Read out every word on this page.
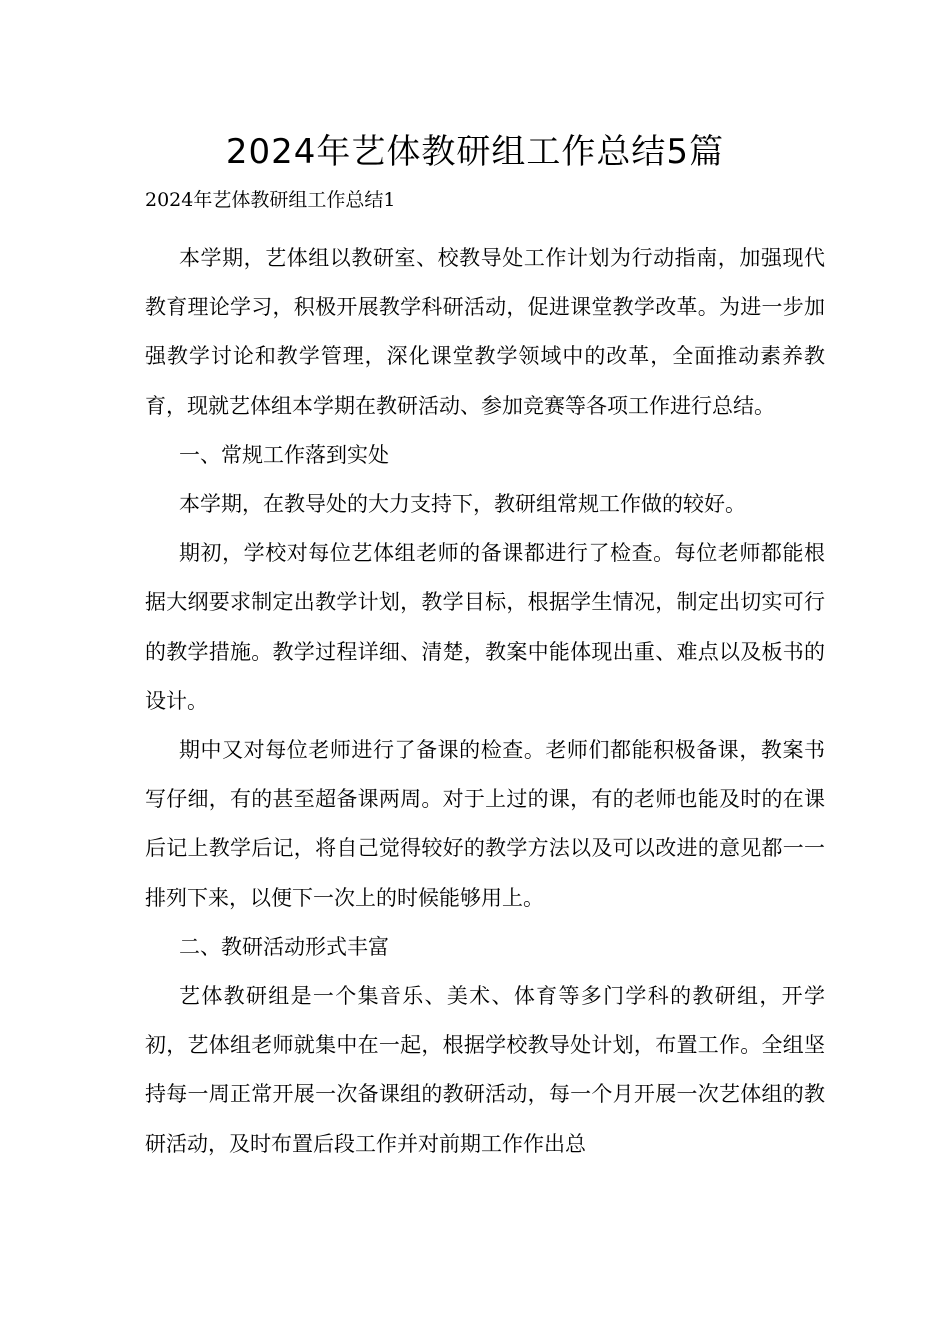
2024年艺体教研组工作总结5篇

2024年艺体教研组工作总结1

本学期，艺体组以教研室、校教导处工作计划为行动指南，加强现代教育理论学习，积极开展教学科研活动，促进课堂教学改革。为进一步加强教学讨论和教学管理，深化课堂教学领域中的改革，全面推动素养教育，现就艺体组本学期在教研活动、参加竞赛等各项工作进行总结。

一、常规工作落到实处

本学期，在教导处的大力支持下，教研组常规工作做的较好。

期初，学校对每位艺体组老师的备课都进行了检查。每位老师都能根据大纲要求制定出教学计划，教学目标，根据学生情况，制定出切实可行的教学措施。教学过程详细、清楚，教案中能体现出重、难点以及板书的设计。

期中又对每位老师进行了备课的检查。老师们都能积极备课，教案书写仔细，有的甚至超备课两周。对于上过的课，有的老师也能及时的在课后记上教学后记，将自己觉得较好的教学方法以及可以改进的意见都一一排列下来，以便下一次上的时候能够用上。

二、教研活动形式丰富

艺体教研组是一个集音乐、美术、体育等多门学科的教研组，开学初，艺体组老师就集中在一起，根据学校教导处计划，布置工作。全组坚持每一周正常开展一次备课组的教研活动，每一个月开展一次艺体组的教研活动，及时布置后段工作并对前期工作作出总
